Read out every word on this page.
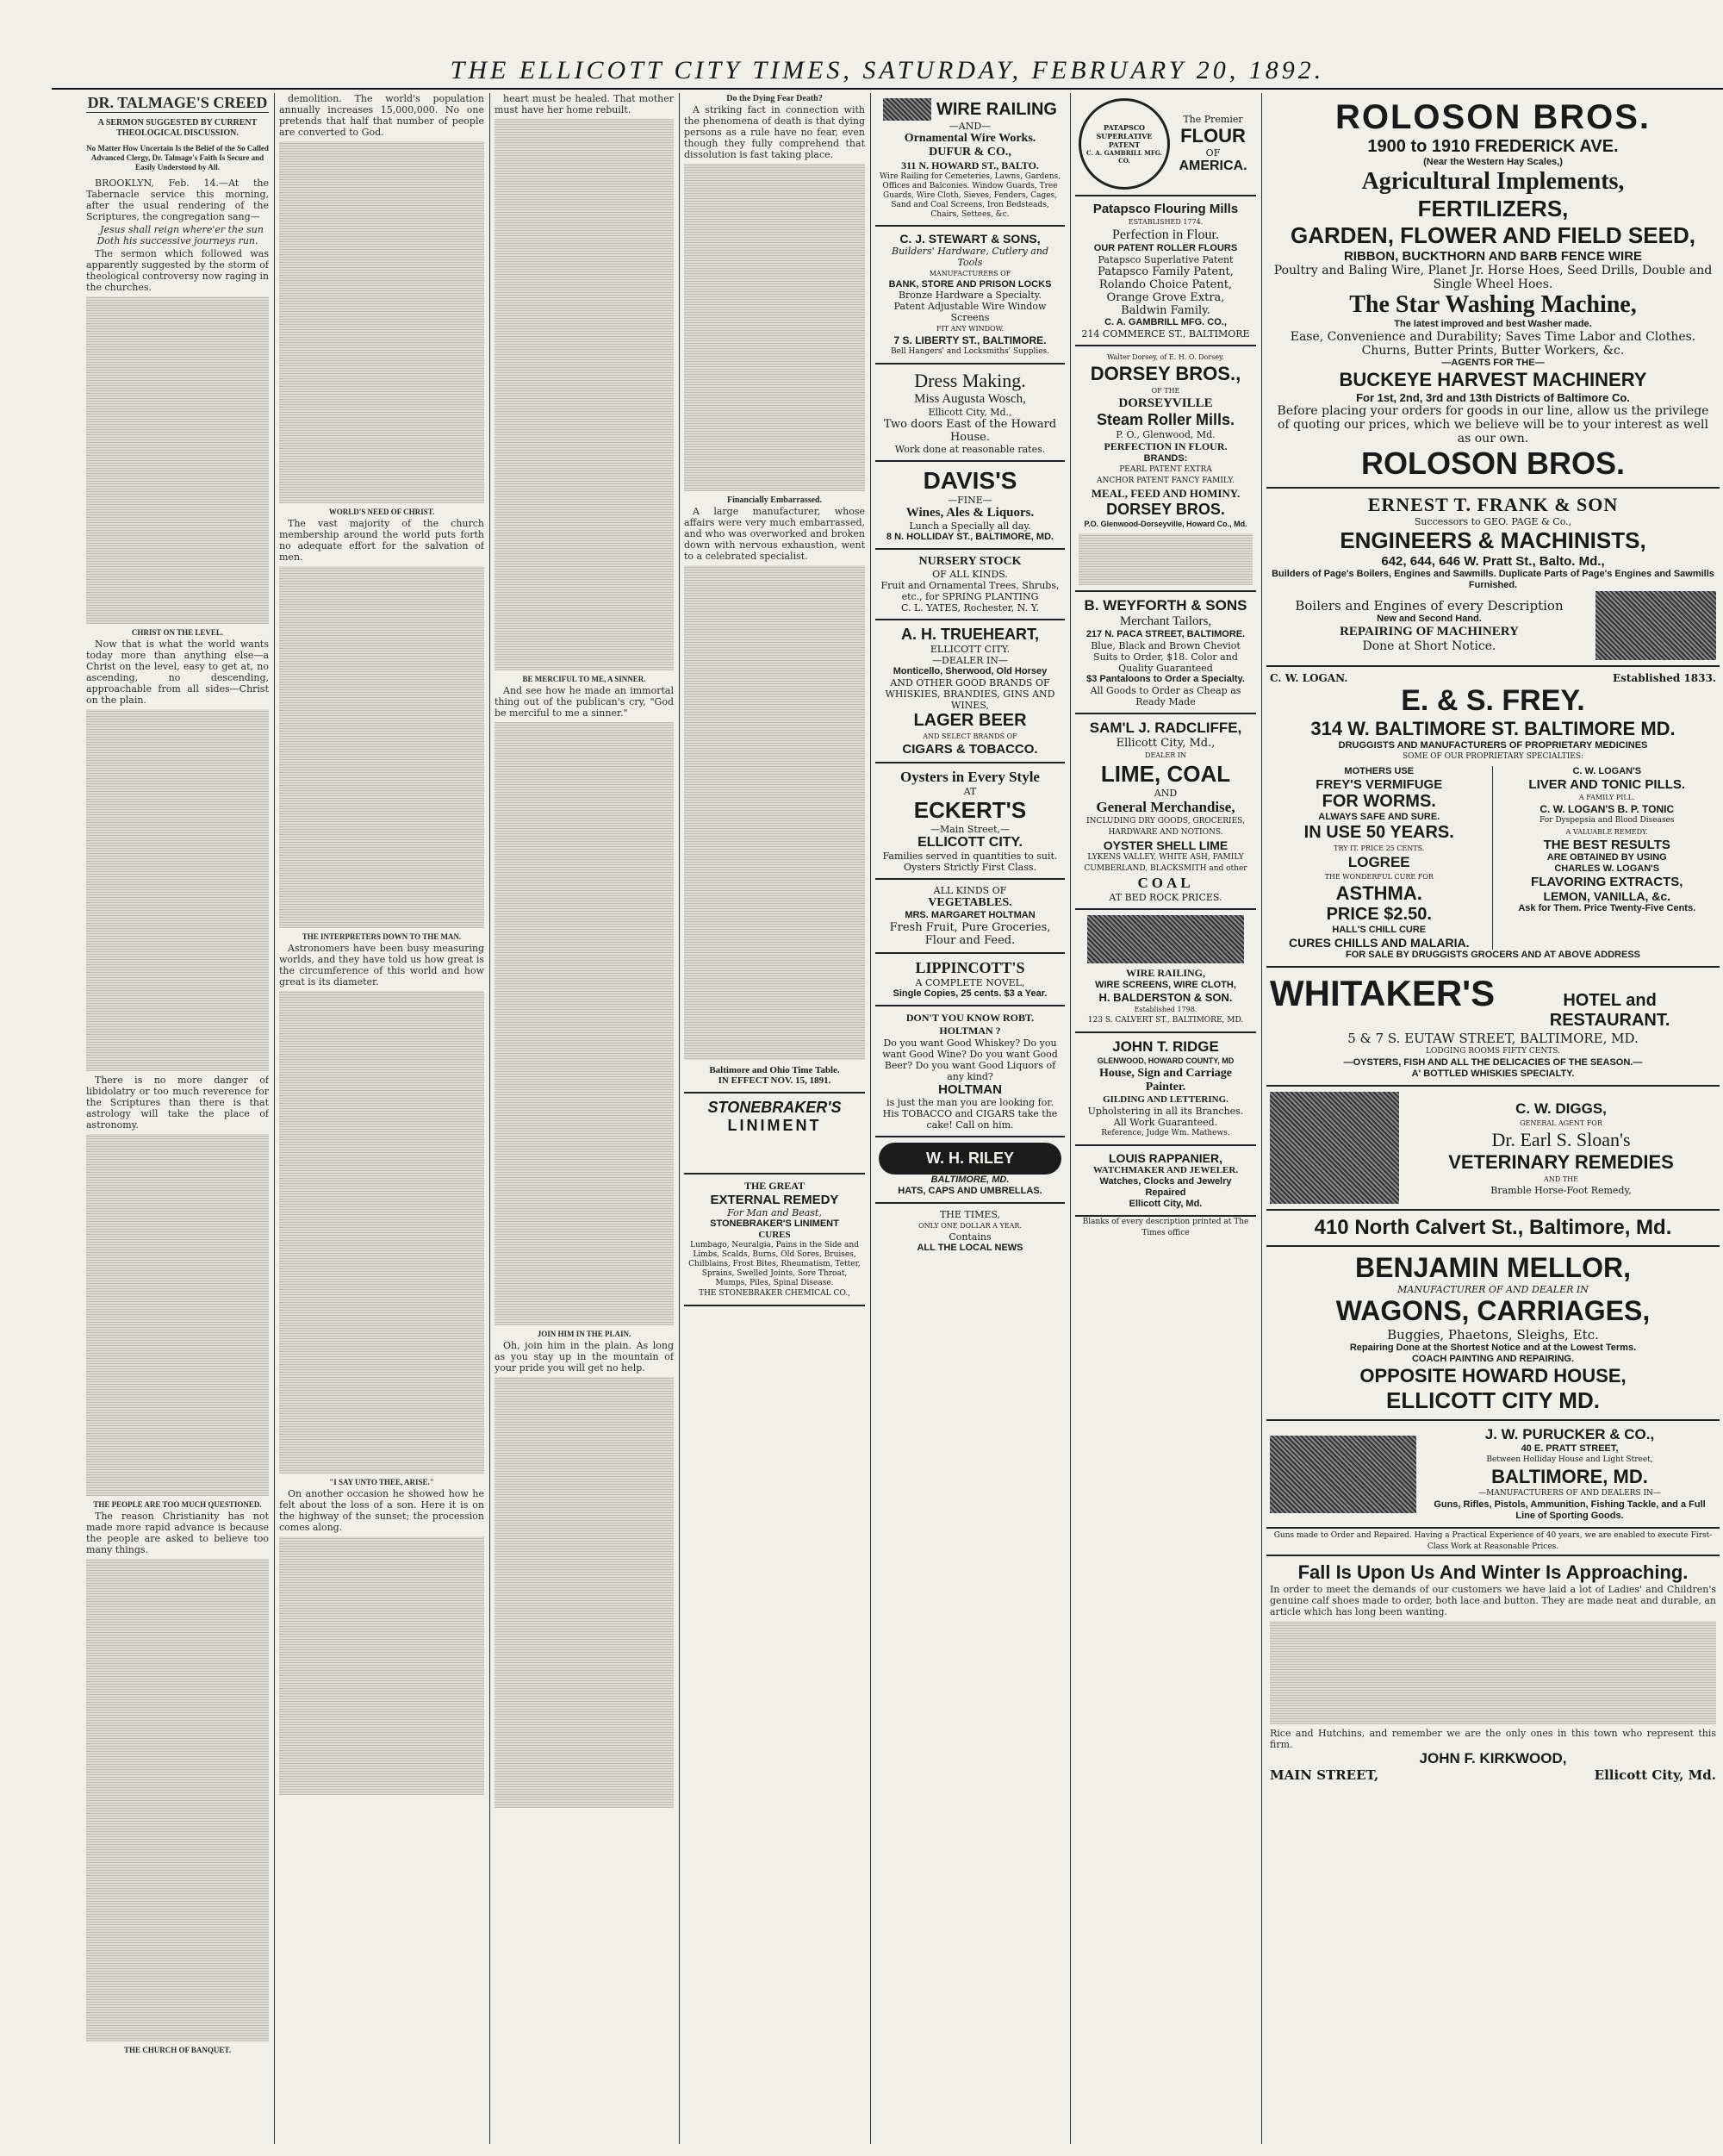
THE ELLICOTT CITY TIMES, SATURDAY, FEBRUARY 20, 1892.
DR. TALMAGE'S CREED
A SERMON SUGGESTED BY CURRENT THEOLOGICAL DISCUSSION.
No Matter How Uncertain Is the Belief of the So Called Advanced Clergy, Dr. Talmage's Faith Is Secure and Easily Understood by All.

BROOKLYN, Feb. 14.—At the Tabernacle service this morning, after the usual rendering of the Scriptures, the congregation sang—

Jesus shall reign where'er the sun Doth his successive journeys run.

The sermon which followed was apparently suggested by the storm of theological controversy now raging in the churches.

CHRIST ON THE LEVEL.

Now that is what the world wants today more than anything else—a Christ on the level, easy to get at, no ascending, no descending, approachable from all sides—Christ on the plain.

There is no more danger of libidolatry or too much reverence for the Scriptures than there is that astrology will take the place of astronomy.

THE PEOPLE ARE TOO MUCH QUESTIONED.

The reason Christianity has not made more rapid advance is because the people are asked to believe too many things.

THE CHURCH OF BANQUET.

demolition. The world's population annually increases 15,000,000. No one pretends that half that number of people are converted to God.

WORLD'S NEED OF CHRIST.

The vast majority of the church membership around the world puts forth no adequate effort for the salvation of men.

THE INTERPRETERS DOWN TO THE MAN.

Astronomers have been busy measuring worlds, and they have told us how great is the circumference of this world and how great is its diameter.

"I SAY UNTO THEE, ARISE."

On another occasion he showed how he felt about the loss of a son. Here it is on the highway of the sunset; the procession comes along.

heart must be healed. That mother must have her home rebuilt.

BE MERCIFUL TO ME, A SINNER.

And see how he made an immortal thing out of the publican's cry, "God be merciful to me a sinner."

JOIN HIM IN THE PLAIN.

Oh, join him in the plain. As long as you stay up in the mountain of your pride you will get no help.

Do the Dying Fear Death?

A striking fact in connection with the phenomena of death is that dying persons as a rule have no fear, even though they fully comprehend that dissolution is fast taking place.

Financially Embarrassed.

A large manufacturer, whose affairs were very much embarrassed, and who was overworked and broken down with nervous exhaustion, went to a celebrated specialist.

Baltimore and Ohio Time Table.
IN EFFECT NOV. 15, 1891.
STONEBRAKER'S
LINIMENT
THE GREAT
EXTERNAL REMEDY
For Man and Beast,
STONEBRAKER'S LINIMENT
CURES
Lumbago, Neuralgia, Pains in the Side and Limbs, Scalds, Burns, Old Sores, Bruises, Chilblains, Frost Bites, Rheumatism, Tetter, Sprains, Swelled Joints, Sore Throat, Mumps, Piles, Spinal Disease.
THE STONEBRAKER CHEMICAL CO.,
WIRE RAILING
—AND—
Ornamental Wire Works.
DUFUR & CO.,
311 N. HOWARD ST., BALTO.
Wire Railing for Cemeteries, Lawns, Gardens, Offices and Balconies. Window Guards, Tree Guards, Wire Cloth, Sieves, Fenders, Cages, Sand and Coal Screens, Iron Bedsteads, Chairs, Settees, &c.
C. J. STEWART & SONS,
Builders' Hardware, Cutlery and Tools
MANUFACTURERS OF
BANK, STORE AND PRISON LOCKS
Bronze Hardware a Specialty.
Patent Adjustable Wire Window Screens
FIT ANY WINDOW.
7 S. LIBERTY ST., BALTIMORE.
Bell Hangers' and Locksmiths' Supplies.
Dress Making.
Miss Augusta Wosch,
Ellicott City, Md.,
Two doors East of the Howard House.
Work done at reasonable rates.
DAVIS'S
—FINE—
Wines, Ales & Liquors.
Lunch a Specially all day.
8 N. HOLLIDAY ST., BALTIMORE, MD.
NURSERY STOCK
OF ALL KINDS.
Fruit and Ornamental Trees, Shrubs, etc., for SPRING PLANTING
C. L. YATES, Rochester, N. Y.
A. H. TRUEHEART,
ELLICOTT CITY.
—DEALER IN—
Monticello, Sherwood, Old Horsey
AND OTHER GOOD BRANDS OF WHISKIES, BRANDIES, GINS AND WINES,
LAGER BEER
AND SELECT BRANDS OF
CIGARS & TOBACCO.
Oysters in Every Style
AT
ECKERT'S
—Main Street,—
ELLICOTT CITY.
Families served in quantities to suit. Oysters Strictly First Class.
ALL KINDS OF
VEGETABLES.
MRS. MARGARET HOLTMAN
Fresh Fruit, Pure Groceries, Flour and Feed.
LIPPINCOTT'S
A COMPLETE NOVEL,
Single Copies, 25 cents. $3 a Year.
DON'T YOU KNOW ROBT. HOLTMAN ?
Do you want Good Whiskey? Do you want Good Wine? Do you want Good Beer? Do you want Good Liquors of any kind?
HOLTMAN
is just the man you are looking for. His TOBACCO and CIGARS take the cake! Call on him.
W. H. RILEY
BALTIMORE, MD.
HATS, CAPS AND UMBRELLAS.
THE TIMES,
ONLY ONE DOLLAR A YEAR.
Contains
ALL THE LOCAL NEWS
PATAPSCO SUPERLATIVE PATENT
C. A. GAMBRILL MFG. CO.
The Premier
FLOUR
OF
AMERICA.
Patapsco Flouring Mills
ESTABLISHED 1774.
Perfection in Flour.
OUR PATENT ROLLER FLOURS
Patapsco Superlative Patent
Patapsco Family Patent,
Rolando Choice Patent,
Orange Grove Extra,
Baldwin Family.
C. A. GAMBRILL MFG. CO.,
214 COMMERCE ST., BALTIMORE
Walter Dorsey, of E. H. O. Dorsey.
DORSEY BROS.,
OF THE
DORSEYVILLE
Steam Roller Mills.
P. O., Glenwood, Md.
PERFECTION IN FLOUR.
BRANDS:
PEARL PATENT EXTRA
ANCHOR PATENT FANCY FAMILY.
MEAL, FEED AND HOMINY.
DORSEY BROS.
P.O. Glenwood-Dorseyville, Howard Co., Md.
B. WEYFORTH & SONS
Merchant Tailors,
217 N. PACA STREET, BALTIMORE.
Blue, Black and Brown Cheviot Suits to Order, $18. Color and Quality Guaranteed
$3 Pantaloons to Order a Specialty.
All Goods to Order as Cheap as Ready Made
SAM'L J. RADCLIFFE,
Ellicott City, Md.,
DEALER IN
LIME, COAL
AND
General Merchandise,
INCLUDING DRY GOODS, GROCERIES, HARDWARE AND NOTIONS.
OYSTER SHELL LIME
LYKENS VALLEY, WHITE ASH, FAMILY CUMBERLAND, BLACKSMITH and other
COAL
AT BED ROCK PRICES.
WIRE RAILING,
WIRE SCREENS, WIRE CLOTH,
H. BALDERSTON & SON.
Established 1798.
123 S. CALVERT ST., BALTIMORE, MD.
JOHN T. RIDGE
GLENWOOD, HOWARD COUNTY, MD
House, Sign and Carriage Painter.
GILDING AND LETTERING.
Upholstering in all its Branches.
All Work Guaranteed.
Reference, Judge Wm. Mathews.
LOUIS RAPPANIER,
WATCHMAKER AND JEWELER.
Watches, Clocks and Jewelry Repaired
Ellicott City, Md.
Blanks of every description printed at The Times office
ROLOSON BROS.
1900 to 1910 FREDERICK AVE.
(Near the Western Hay Scales,)
Agricultural Implements,
FERTILIZERS,
GARDEN, FLOWER AND FIELD SEED,
RIBBON, BUCKTHORN AND BARB FENCE WIRE
Poultry and Baling Wire, Planet Jr. Horse Hoes, Seed Drills, Double and Single Wheel Hoes.
The Star Washing Machine,
The latest improved and best Washer made.
Ease, Convenience and Durability; Saves Time Labor and Clothes. Churns, Butter Prints, Butter Workers, &c.
—AGENTS FOR THE—
BUCKEYE HARVEST MACHINERY
For 1st, 2nd, 3rd and 13th Districts of Baltimore Co.
Before placing your orders for goods in our line, allow us the privilege of quoting our prices, which we believe will be to your interest as well as our own.
ROLOSON BROS.
ERNEST T. FRANK & SON
Successors to GEO. PAGE & Co.,
ENGINEERS & MACHINISTS,
642, 644, 646 W. Pratt St., Balto. Md.,
Builders of Page's Boilers, Engines and Sawmills. Duplicate Parts of Page's Engines and Sawmills Furnished.
Boilers and Engines of every Description
New and Second Hand.
REPAIRING OF MACHINERY
Done at Short Notice.
C. W. LOGAN.	Established 1833.
E. & S. FREY.
314 W. BALTIMORE ST. BALTIMORE MD.
DRUGGISTS AND MANUFACTURERS OF PROPRIETARY MEDICINES
SOME OF OUR PROPRIETARY SPECIALTIES:
MOTHERS USE
FREY'S VERMIFUGE
FOR WORMS.
ALWAYS SAFE AND SURE.
IN USE 50 YEARS.
TRY IT. PRICE 25 CENTS.
LOGREE
THE WONDERFUL CURE FOR
ASTHMA.
PRICE $2.50.
HALL'S CHILL CURE
CURES CHILLS AND MALARIA.
C. W. LOGAN'S
LIVER AND TONIC PILLS.
A FAMILY PILL.
C. W. LOGAN'S B. P. TONIC
For Dyspepsia and Blood Diseases
A VALUABLE REMEDY.
THE BEST RESULTS
ARE OBTAINED BY USING
CHARLES W. LOGAN'S
FLAVORING EXTRACTS,
LEMON, VANILLA, &c.
Ask for Them. Price Twenty-Five Cents.
FOR SALE BY DRUGGISTS GROCERS AND AT ABOVE ADDRESS
WHITAKER'S	HOTEL and RESTAURANT.
5 & 7 S. EUTAW STREET, BALTIMORE, MD.
LODGING ROOMS FIFTY CENTS.
—OYSTERS, FISH AND ALL THE DELICACIES OF THE SEASON.—
A' BOTTLED WHISKIES SPECIALTY.
C. W. DIGGS,
GENERAL AGENT FOR
Dr. Earl S. Sloan's
VETERINARY REMEDIES
AND THE
Bramble Horse-Foot Remedy,
410 North Calvert St., Baltimore, Md.
BENJAMIN MELLOR,
MANUFACTURER OF AND DEALER IN
WAGONS, CARRIAGES,
Buggies, Phaetons, Sleighs, Etc.
Repairing Done at the Shortest Notice and at the Lowest Terms.
COACH PAINTING AND REPAIRING.
OPPOSITE HOWARD HOUSE,
ELLICOTT CITY MD.
J. W. PURUCKER & CO.,
40 E. PRATT STREET,
Between Holliday House and Light Street,
BALTIMORE, MD.
—MANUFACTURERS OF AND DEALERS IN—
Guns, Rifles, Pistols, Ammunition, Fishing Tackle, and a Full Line of Sporting Goods.
Guns made to Order and Repaired. Having a Practical Experience of 40 years, we are enabled to execute First-Class Work at Reasonable Prices.
Fall Is Upon Us And Winter Is Approaching.
In order to meet the demands of our customers we have laid a lot of Ladies' and Children's genuine calf shoes made to order, both lace and button. They are made neat and durable, an article which has long been wanting.
Rice and Hutchins, and remember we are the only ones in this town who represent this firm.
JOHN F. KIRKWOOD,
MAIN STREET,	Ellicott City, Md.
